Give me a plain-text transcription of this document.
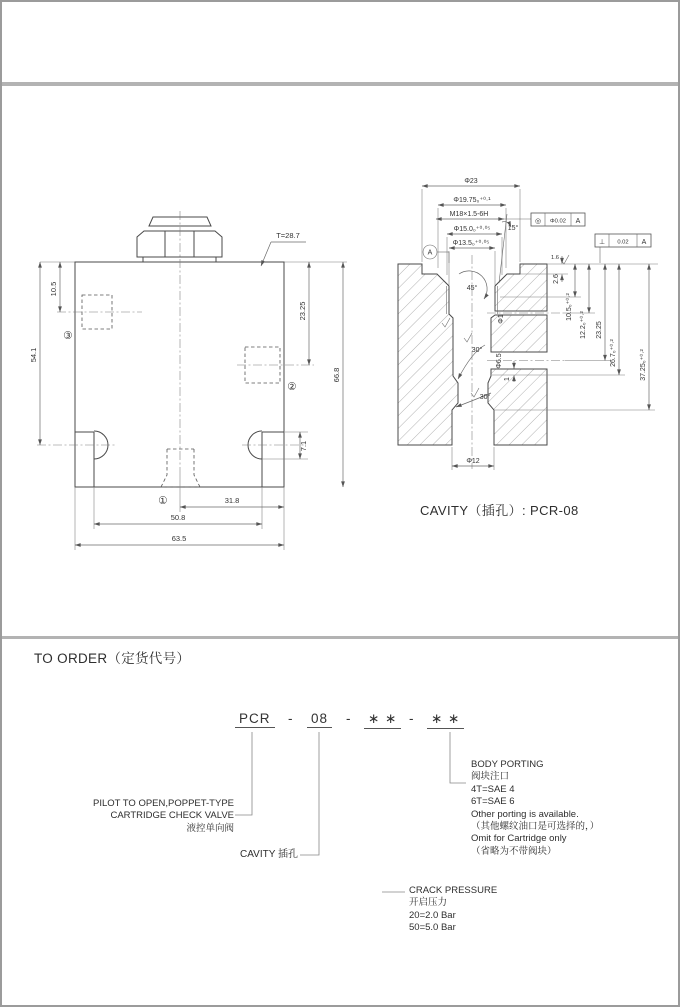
③
②
①
T=28.7
54.1
10.5
23.25
66.8
7.1
31.8
50.8
63.5
Φ23
Φ19.75₀⁺⁰·¹
M18×1.5-6H
Φ15.0₀⁺⁰·⁰⁵
Φ13.5₀⁺⁰·⁰⁵
15°
◎ Φ0.02 A
⊥ 0.02 A
A
45°
30°
30°
1.6
2.6
10.5₀⁺⁰·²
12.2₀⁺⁰·² 23.25
26.7₀⁺⁰·²	37.25₀⁺⁰·²
Φ1
Φ6.5
1
Φ12
CAVITY（插孔）: PCR-08
TO ORDER（定货代号）
PCR - 08 - ∗ ∗ - ∗ ∗
PILOT TO OPEN,POPPET-TYPE
CARTRIDGE CHECK VALVE
液控单向阀
CAVITY 插孔
BODY PORTING
阀块注口
4T=SAE 4
6T=SAE 6
Other porting is available.
（其他螺纹油口是可选择的，）
Omit for Cartridge only
（省略为不带阀块）
CRACK PRESSURE
开启压力
20=2.0 Bar
50=5.0 Bar
